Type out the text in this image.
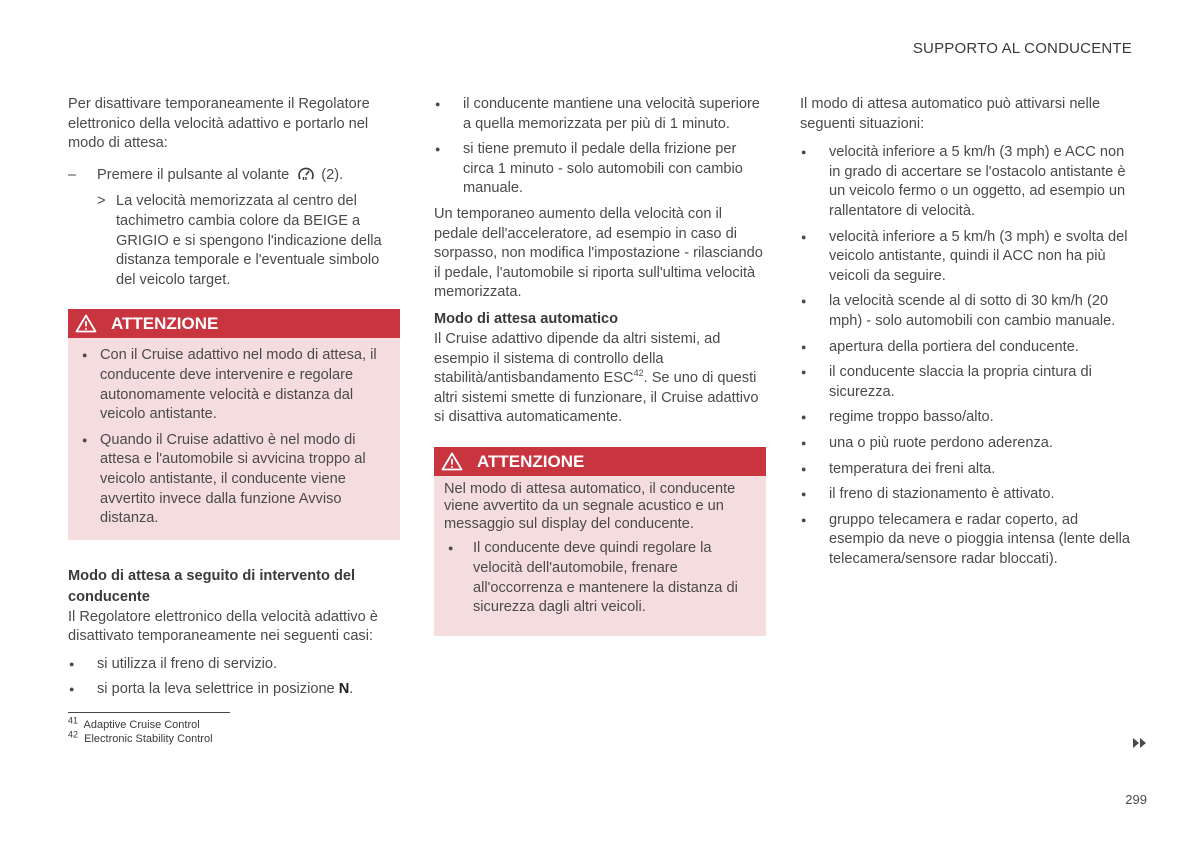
SUPPORTO AL CONDUCENTE

Per disattivare temporaneamente il Regolatore elettronico della velocità adattivo e portarlo nel modo di attesa:

– Premere il pulsante al volante (2).
> La velocità memorizzata al centro del tachimetro cambia colore da BEIGE a GRIGIO e si spengono l'indicazione della distanza temporale e l'eventuale simbolo del veicolo target.
ATTENZIONE
● Con il Cruise adattivo nel modo di attesa, il conducente deve intervenire e regolare autonomamente velocità e distanza dal veicolo antistante.
● Quando il Cruise adattivo è nel modo di attesa e l'automobile si avvicina troppo al veicolo antistante, il conducente viene avvertito invece dalla funzione Avviso distanza.

Modo di attesa a seguito di intervento del conducente

Il Regolatore elettronico della velocità adattivo è disattivato temporaneamente nei seguenti casi:

● si utilizza il freno di servizio.
● si porta la leva selettrice in posizione N.
● il conducente mantiene una velocità superiore a quella memorizzata per più di 1 minuto.
● si tiene premuto il pedale della frizione per circa 1 minuto - solo automobili con cambio manuale.

Un temporaneo aumento della velocità con il pedale dell'acceleratore, ad esempio in caso di sorpasso, non modifica l'impostazione - rilasciando il pedale, l'automobile si riporta sull'ultima velocità memorizzata.

Modo di attesa automatico

Il Cruise adattivo dipende da altri sistemi, ad esempio il sistema di controllo della stabilità/antisbandamento ESC$^{42}$. Se uno di questi altri sistemi smette di funzionare, il Cruise adattivo si disattiva automaticamente.

ATTENZIONE

Nel modo di attesa automatico, il conducente viene avvertito da un segnale acustico e un messaggio sul display del conducente.

● Il conducente deve quindi regolare la velocità dell'automobile, frenare all'occorrenza e mantenere la distanza di sicurezza dagli altri veicoli.

Il modo di attesa automatico può attivarsi nelle seguenti situazioni:

● velocità inferiore a 5 km/h (3 mph) e ACC non in grado di accertare se l'ostacolo antistante è un veicolo fermo o un oggetto, ad esempio un rallentatore di velocità.
● velocità inferiore a 5 km/h (3 mph) e svolta del veicolo antistante, quindi il ACC non ha più veicoli da seguire.
● la velocità scende al di sotto di 30 km/h (20 mph) - solo automobili con cambio manuale.
● apertura della portiera del conducente.
● il conducente slaccia la propria cintura di sicurezza.
● regime troppo basso/alto.
● una o più ruote perdono aderenza.
● temperatura dei freni alta.
● il freno di stazionamento è attivato.
● gruppo telecamera e radar coperto, ad esempio da neve o pioggia intensa (lente della telecamera/sensore radar bloccati).
$^{41}$ Adaptive Cruise Control
$^{42}$ Electronic Stability Control
299
